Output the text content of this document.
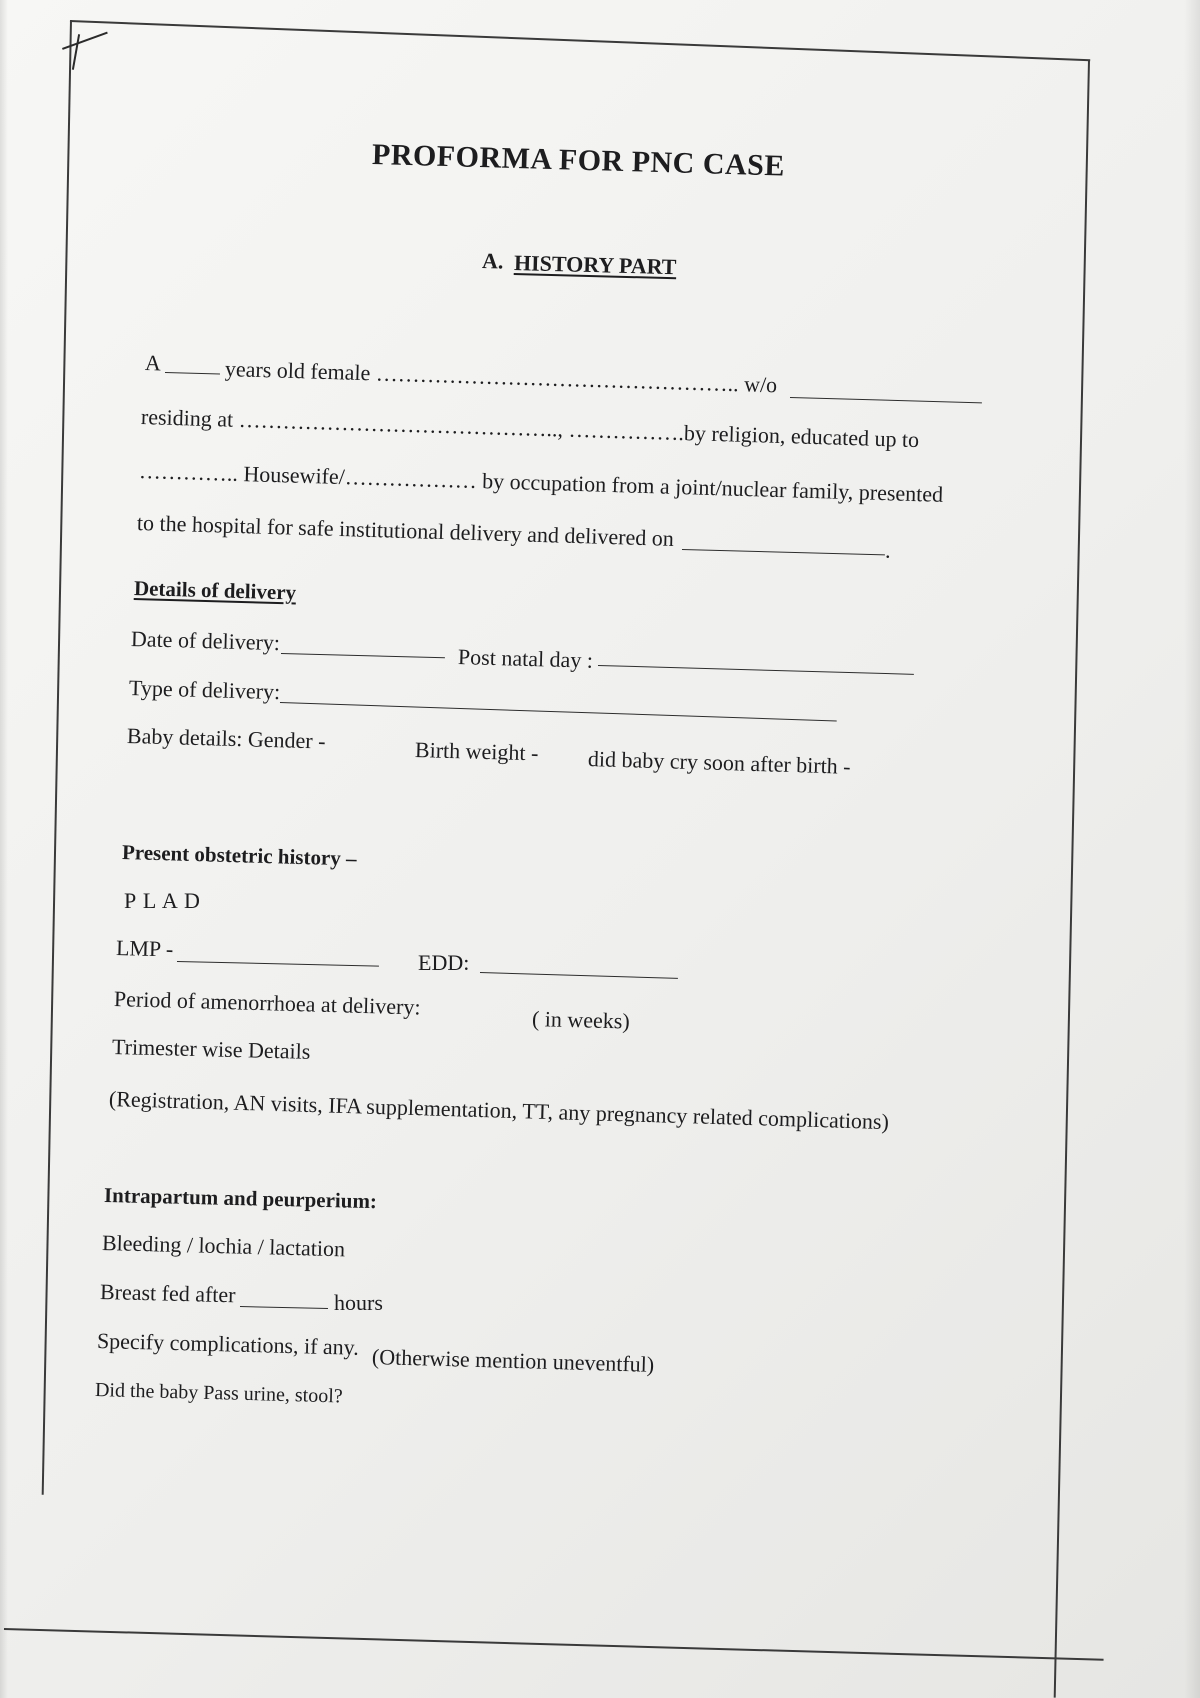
PROFORMA FOR PNC CASE
A. HISTORY PART
A	years old female ………………………………………….. w/o
residing at …………………………………….., …………….by religion, educated up to
………….. Housewife/……………… by occupation from a joint/nuclear family, presented
to the hospital for safe institutional delivery and delivered on	.
Details of delivery
Date of delivery:
Post natal day :
Type of delivery:
Baby details: Gender -	Birth weight - did baby cry soon after birth -
Present obstetric history –
P L A D
LMP -
EDD:
Period of amenorrhoea at delivery:
( in weeks)
Trimester wise Details
(Registration, AN visits, IFA supplementation, TT, any pregnancy related complications)
Intrapartum and peurperium:
Bleeding / lochia / lactation
Breast fed after	hours
Specify complications, if any.
(Otherwise mention uneventful)
Did the baby Pass urine, stool?
